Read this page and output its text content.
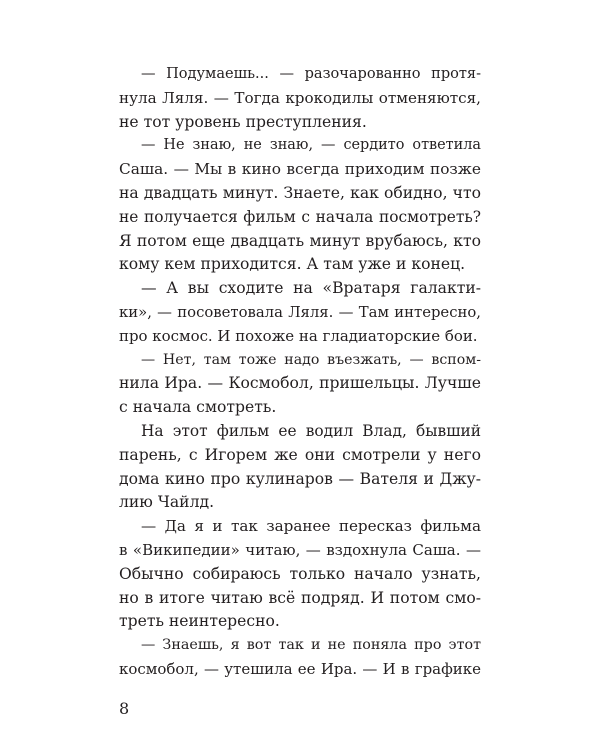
— Подумаешь... — разочарованно протя-
нула Ляля. — Тогда крокодилы отменяются,
не тот уровень преступления.
— Не знаю, не знаю, — сердито ответила
Саша. — Мы в кино всегда приходим позже
на двадцать минут. Знаете, как обидно, что
не получается фильм с начала посмотреть?
Я потом еще двадцать минут врубаюсь, кто
кому кем приходится. А там уже и конец.
— А вы сходите на «Вратаря галакти-
ки», — посоветовала Ляля. — Там интересно,
про космос. И похоже на гладиаторские бои.
— Нет, там тоже надо въезжать, — вспом-
нила Ира. — Космобол, пришельцы. Лучше
с начала смотреть.
На этот фильм ее водил Влад, бывший
парень, с Игорем же они смотрели у него
дома кино про кулинаров — Вателя и Джу-
лию Чайлд.
— Да я и так заранее пересказ фильма
в «Википедии» читаю, — вздохнула Саша. —
Обычно собираюсь только начало узнать,
но в итоге читаю всё подряд. И потом смо-
треть неинтересно.
— Знаешь, я вот так и не поняла про этот
космобол, — утешила ее Ира. — И в графике
8
